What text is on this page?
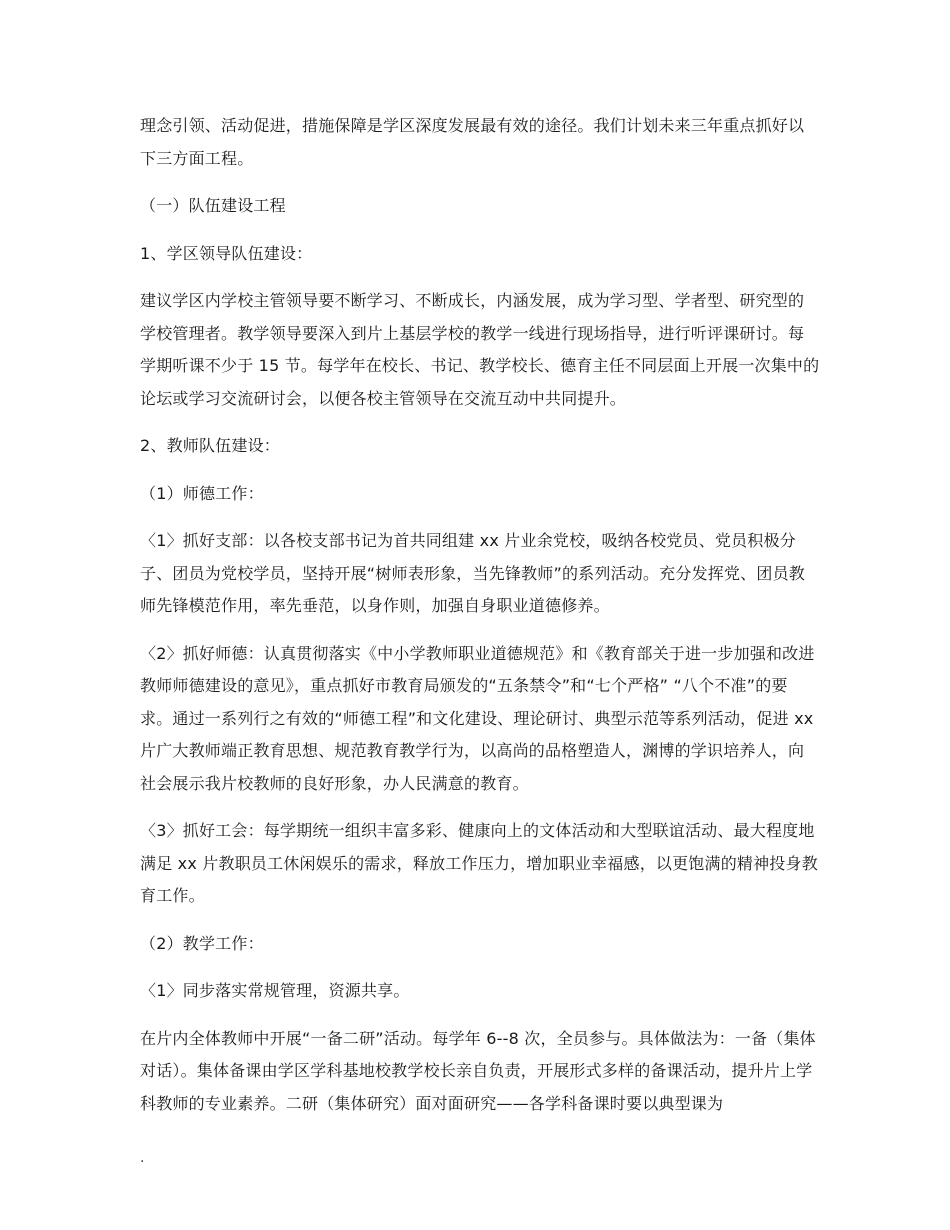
理念引领、活动促进，措施保障是学区深度发展最有效的途径。我们计划未来三年重点抓好以下三方面工程。

（一）队伍建设工程

1、学区领导队伍建设：

建议学区内学校主管领导要不断学习、不断成长，内涵发展，成为学习型、学者型、研究型的学校管理者。教学领导要深入到片上基层学校的教学一线进行现场指导，进行听评课研讨。每学期听课不少于 15 节。每学年在校长、书记、教学校长、德育主任不同层面上开展一次集中的论坛或学习交流研讨会，以便各校主管领导在交流互动中共同提升。

2、教师队伍建设：

（1）师德工作：

〈1〉抓好支部：以各校支部书记为首共同组建 xx 片业余党校，吸纳各校党员、党员积极分子、团员为党校学员，坚持开展“树师表形象，当先锋教师”的系列活动。充分发挥党、团员教师先锋模范作用，率先垂范，以身作则，加强自身职业道德修养。

〈2〉抓好师德：认真贯彻落实《中小学教师职业道德规范》和《教育部关于进一步加强和改进教师师德建设的意见》，重点抓好市教育局颁发的“五条禁令”和“七个严格” “八个不准”的要求。通过一系列行之有效的“师德工程”和文化建设、理论研讨、典型示范等系列活动，促进 xx 片广大教师端正教育思想、规范教育教学行为，以高尚的品格塑造人，渊博的学识培养人，向社会展示我片校教师的良好形象，办人民满意的教育。

〈3〉抓好工会：每学期统一组织丰富多彩、健康向上的文体活动和大型联谊活动、最大程度地满足 xx 片教职员工休闲娱乐的需求，释放工作压力，增加职业幸福感，以更饱满的精神投身教育工作。

（2）教学工作：

〈1〉同步落实常规管理，资源共享。

在片内全体教师中开展“一备二研”活动。每学年 6--8 次，全员参与。具体做法为：一备（集体对话）。集体备课由学区学科基地校教学校长亲自负责，开展形式多样的备课活动，提升片上学科教师的专业素养。二研（集体研究）面对面研究——各学科备课时要以典型课为

.
